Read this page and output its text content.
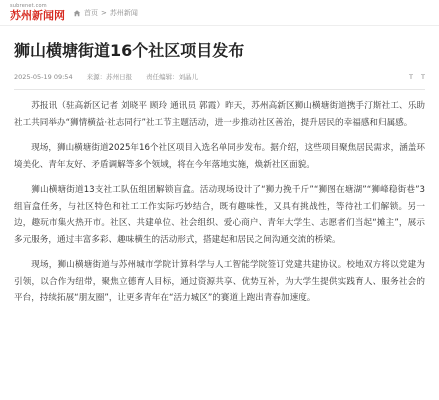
subrenet.com
苏州新闻网	首页 > 苏州新闻
狮山横塘街道16个社区项目发布
2025-05-19 09:54 来源：苏州日报 责任编辑：刘晶儿	T T

苏报讯（驻高新区记者 刘晓平 顾玲 通讯员 郭霞）昨天，苏州高新区狮山横塘街道携手汀斯社工、乐助社工共同举办“狮情横益·社志同行”社工节主题活动，进一步推动社区善治，提升居民的幸福感和归属感。

现场，狮山横塘街道2025年16个社区项目入选名单同步发布。据介绍，这些项目聚焦居民需求，涵盖环境美化、青年友好、矛盾调解等多个领域，将在今年落地实施，焕新社区面貌。

狮山横塘街道13支社工队伍组团解锁盲盒。活动现场设计了“狮力挽千斤”“狮图在塘湖”“狮峰稳街巷”3组盲盒任务，与社区特色和社工工作实际巧妙结合，既有趣味性，又具有挑战性，等待社工们解锁。另一边，趣玩市集火热开市。社区、共建单位、社会组织、爱心商户、青年大学生、志愿者们当起“摊主”，展示多元服务，通过丰富多彩、趣味横生的活动形式，搭建起和居民之间沟通交流的桥梁。

现场，狮山横塘街道与苏州城市学院计算科学与人工智能学院签订党建共建协议。校地双方将以党建为引领，以合作为纽带，聚焦立德育人目标，通过资源共享、优势互补，为大学生提供实践育人、服务社会的平台，持续拓展“朋友圈”，让更多青年在“活力城区”的赛道上跑出青春加速度。
